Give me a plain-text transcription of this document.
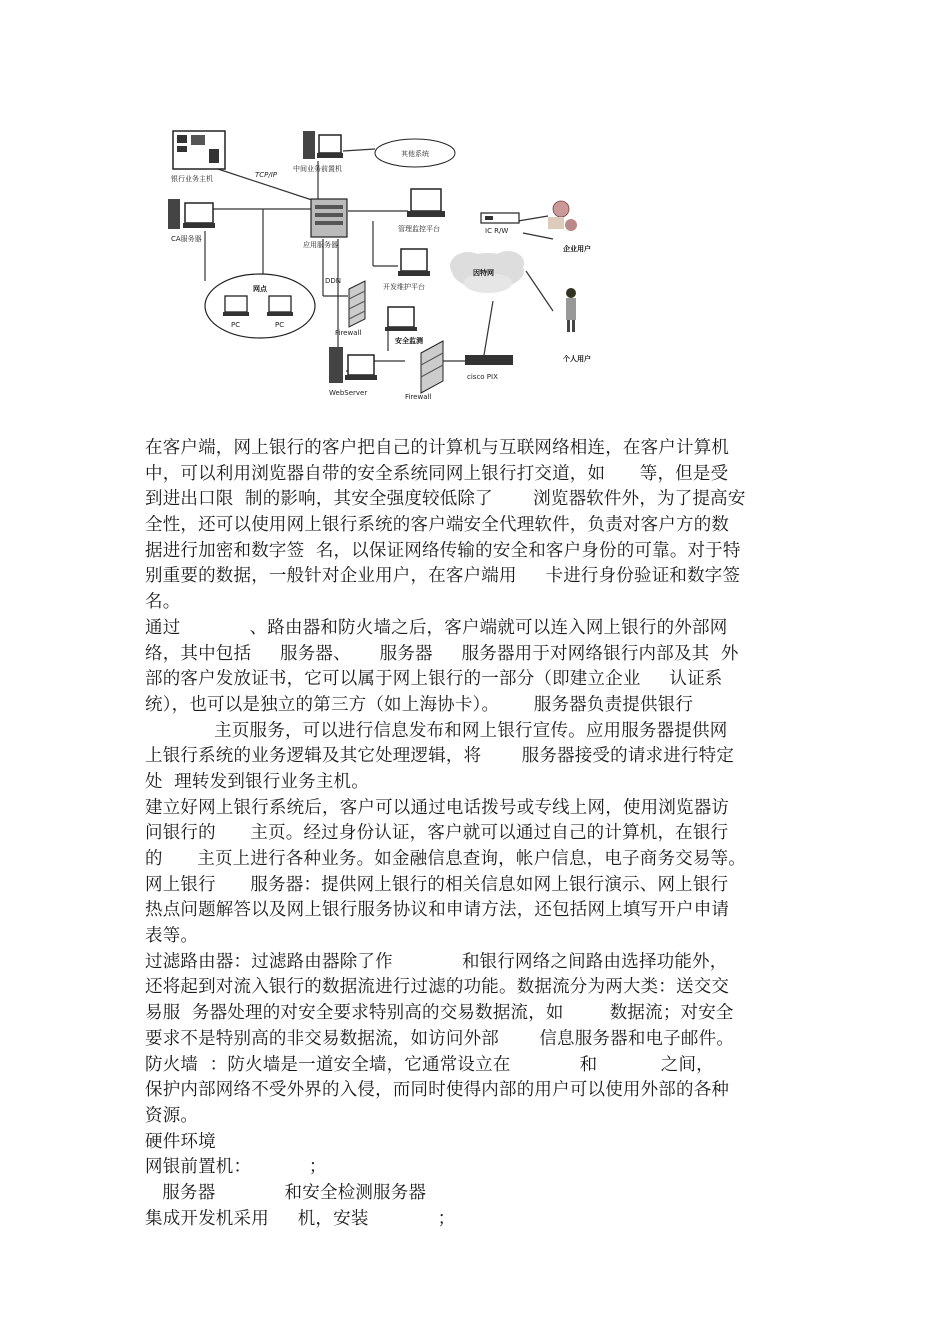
银行业务主机	TCP/IP
中间业务前置机
其他系统
CA服务器
应用服务器
管理监控平台	IC R/W
企业用户
因特网
开发维护平台
DDN
网点
PC	PC
Firewall
安全监测
个人用户
WebServer	Firewall
cisco PIX
在客户端，网上银行的客户把自己的计算机与互联网络相连，在客户计算机
中，可以利用浏览器自带的安全系统同网上银行打交道，如      等，但是受
到进出口限  制的影响，其安全强度较低除了       浏览器软件外，为了提高安
全性，还可以使用网上银行系统的客户端安全代理软件，负责对客户方的数
据进行加密和数字签  名，以保证网络传输的安全和客户身份的可靠。对于特
别重要的数据，一般针对企业用户，在客户端用     卡进行身份验证和数字签
名。
通过            、路由器和防火墙之后，客户端就可以连入网上银行的外部网
络，其中包括     服务器、     服务器     服务器用于对网络银行内部及其  外
部的客户发放证书，它可以属于网上银行的一部分（即建立企业     认证系
统），也可以是独立的第三方（如上海协卡）。      服务器负责提供银行
主页服务，可以进行信息发布和网上银行宣传。应用服务器提供网
上银行系统的业务逻辑及其它处理逻辑，将       服务器接受的请求进行特定
处  理转发到银行业务主机。
建立好网上银行系统后，客户可以通过电话拨号或专线上网，使用浏览器访
问银行的      主页。经过身份认证，客户就可以通过自己的计算机，在银行
的      主页上进行各种业务。如金融信息查询，帐户信息，电子商务交易等。
网上银行      服务器：提供网上银行的相关信息如网上银行演示、网上银行
热点问题解答以及网上银行服务协议和申请方法，还包括网上填写开户申请
表等。
过滤路由器：过滤路由器除了作            和银行网络之间路由选择功能外，
还将起到对流入银行的数据流进行过滤的功能。数据流分为两大类：送交交
易服  务器处理的对安全要求特别高的交易数据流，如        数据流；对安全
要求不是特别高的非交易数据流，如访问外部       信息服务器和电子邮件。
防火墙  ：防火墙是一道安全墙，它通常设立在            和           之间，
保护内部网络不受外界的入侵，而同时使得内部的用户可以使用外部的各种
资源。
硬件环境
网银前置机：          ；
服务器            和安全检测服务器
集成开发机采用     机，安装            ；
